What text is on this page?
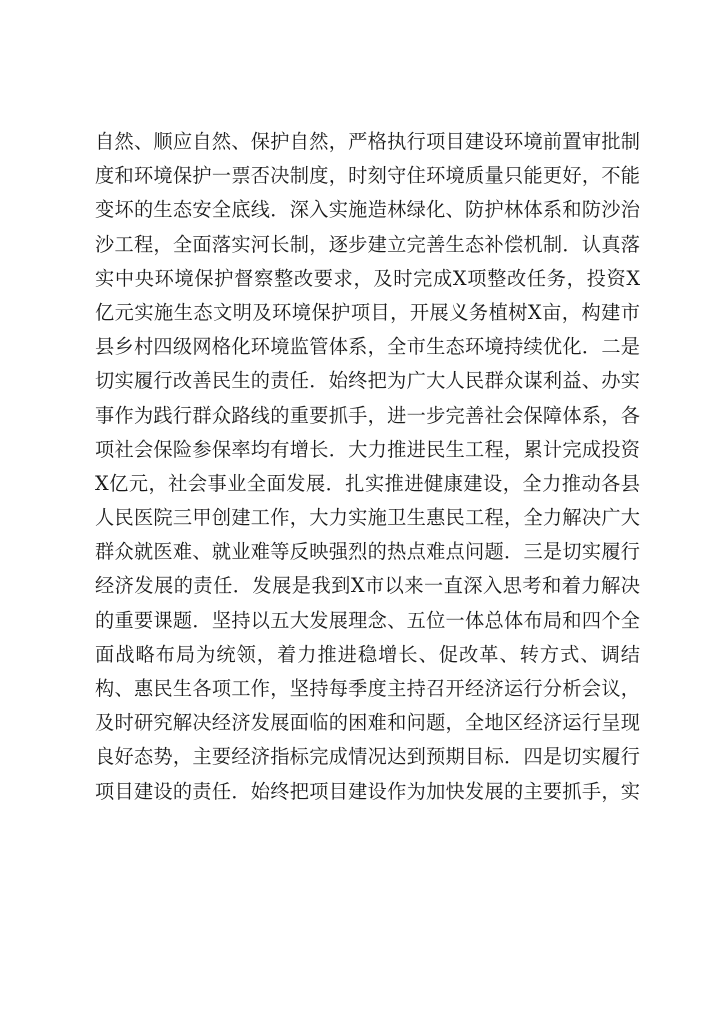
自然、顺应自然、保护自然，严格执行项目建设环境前置审批制
度和环境保护一票否决制度，时刻守住环境质量只能更好，不能
变坏的生态安全底线．深入实施造林绿化、防护林体系和防沙治
沙工程，全面落实河长制，逐步建立完善生态补偿机制．认真落
实中央环境保护督察整改要求，及时完成X项整改任务，投资X
亿元实施生态文明及环境保护项目，开展义务植树X亩，构建市
县乡村四级网格化环境监管体系，全市生态环境持续优化．二是
切实履行改善民生的责任．始终把为广大人民群众谋利益、办实
事作为践行群众路线的重要抓手，进一步完善社会保障体系，各
项社会保险参保率均有增长．大力推进民生工程，累计完成投资
X亿元，社会事业全面发展．扎实推进健康建设，全力推动各县
人民医院三甲创建工作，大力实施卫生惠民工程，全力解决广大
群众就医难、就业难等反映强烈的热点难点问题．三是切实履行
经济发展的责任．发展是我到X市以来一直深入思考和着力解决
的重要课题．坚持以五大发展理念、五位一体总体布局和四个全
面战略布局为统领，着力推进稳增长、促改革、转方式、调结
构、惠民生各项工作，坚持每季度主持召开经济运行分析会议，
及时研究解决经济发展面临的困难和问题，全地区经济运行呈现
良好态势，主要经济指标完成情况达到预期目标．四是切实履行
项目建设的责任．始终把项目建设作为加快发展的主要抓手，实
